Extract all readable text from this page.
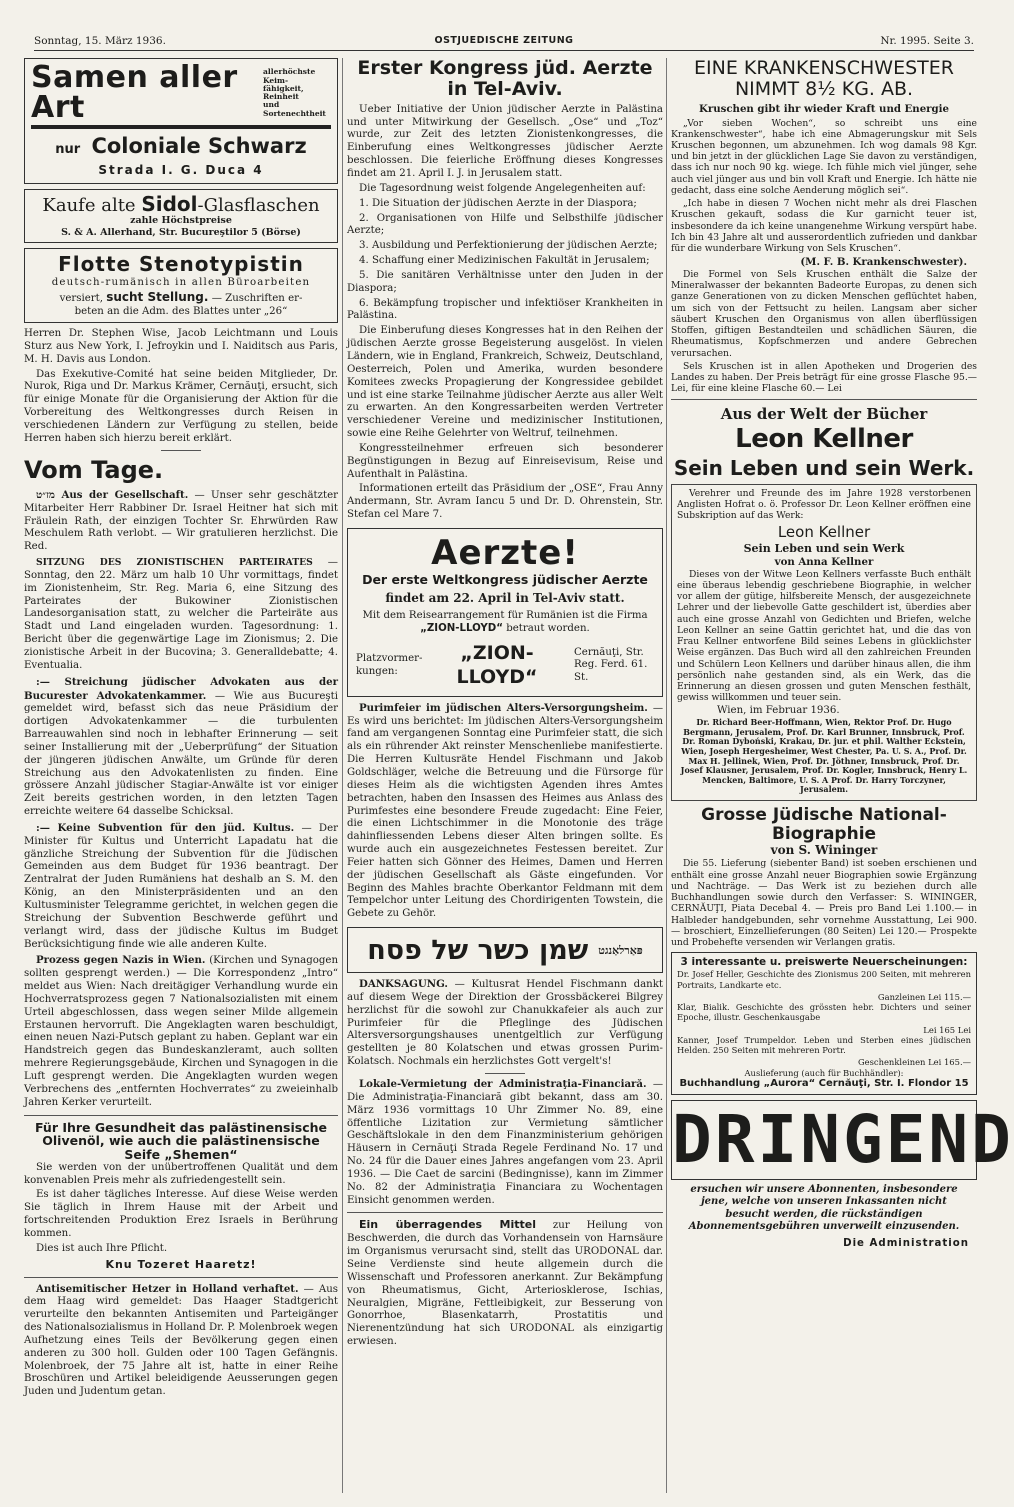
Sonntag, 15. März 1936.	OSTJUEDISCHE ZEITUNG	Nr. 1995. Seite 3.
Samen aller Art
allerhöchste Keim-
fähigkeit, Reinheit
und Sortenechtheit
nur Coloniale Schwarz
Strada I. G. Duca 4
Kaufe alte Sidol-Glasflaschen
zahle Höchstpreise
S. & A. Allerhand, Str. Bucureştilor 5 (Börse)
Flotte Stenotypistin
deutsch-rumänisch in allen Büroarbeiten
versiert, sucht Stellung. — Zuschriften er-
beten an die Adm. des Blattes unter „26“

Herren Dr. Stephen Wise, Jacob Leichtmann und Louis Sturz aus New York, I. Jefroykin und I. Naiditsch aus Paris, M. H. Davis aus London.

Das Exekutive-Comité hat seine beiden Mitglieder, Dr. Nurok, Riga und Dr. Markus Krämer, Cernăuţi, ersucht, sich für einige Monate für die Organisierung der Aktion für die Vorbereitung des Weltkongresses durch Reisen in verschiedenen Ländern zur Verfügung zu stellen, beide Herren haben sich hierzu bereit erklärt.

Vom Tage.

מז״ט Aus der Gesellschaft. — Unser sehr geschätzter Mitarbeiter Herr Rabbiner Dr. Israel Heitner hat sich mit Fräulein Rath, der einzigen Tochter Sr. Ehrwürden Raw Meschulem Rath verlobt. — Wir gratulieren herzlichst. Die Red.

SITZUNG DES ZIONISTISCHEN PARTEIRATES — Sonntag, den 22. März um halb 10 Uhr vormittags, findet im Zionistenheim, Str. Reg. Maria 6, eine Sitzung des Parteirates der Bukowiner Zionistischen Landesorganisation statt, zu welcher die Parteiräte aus Stadt und Land eingeladen wurden. Tagesordnung: 1. Bericht über die gegenwärtige Lage im Zionismus; 2. Die zionistische Arbeit in der Bucovina; 3. Generalldebatte; 4. Eventualia.

:— Streichung jüdischer Advokaten aus der Bucurester Advokatenkammer. — Wie aus Bucureşti gemeldet wird, befasst sich das neue Präsidium der dortigen Advokatenkammer — die turbulenten Barreauwahlen sind noch in lebhafter Erinnerung — seit seiner Installierung mit der „Ueberprüfung“ der Situation der jüngeren jüdischen Anwälte, um Gründe für deren Streichung aus den Advokatenlisten zu finden. Eine grössere Anzahl jüdischer Stagiar-Anwälte ist vor einiger Zeit bereits gestrichen worden, in den letzten Tagen erreichte weitere 64 dasselbe Schicksal.

:— Keine Subvention für den jüd. Kultus. — Der Minister für Kultus und Unterricht Lapadatu hat die gänzliche Streichung der Subvention für die Jüdischen Gemeinden aus dem Budget für 1936 beantragt. Der Zentralrat der Juden Rumäniens hat deshalb an S. M. den König, an den Ministerpräsidenten und an den Kultusminister Telegramme gerichtet, in welchen gegen die Streichung der Subvention Beschwerde geführt und verlangt wird, dass der jüdische Kultus im Budget Berücksichtigung finde wie alle anderen Kulte.

Prozess gegen Nazis in Wien. (Kirchen und Synagogen sollten gesprengt werden.) — Die Korrespondenz „Intro“ meldet aus Wien: Nach dreitägiger Verhandlung wurde ein Hochverratsprozess gegen 7 Nationalsozialisten mit einem Urteil abgeschlossen, dass wegen seiner Milde allgemein Erstaunen hervorruft. Die Angeklagten waren beschuldigt, einen neuen Nazi-Putsch geplant zu haben. Geplant war ein Handstreich gegen das Bundeskanzleramt, auch sollten mehrere Regierungsgebäude, Kirchen und Synagogen in die Luft gesprengt werden. Die Angeklagten wurden wegen Verbrechens des „entfernten Hochverrates“ zu zweieinhalb Jahren Kerker verurteilt.

Für Ihre Gesundheit das palästinensische Olivenöl, wie auch die palästinensische Seife „Shemen“

Sie werden von der unübertroffenen Qualität und dem konvenablen Preis mehr als zufriedengestellt sein.

Es ist daher tägliches Interesse. Auf diese Weise werden Sie täglich in Ihrem Hause mit der Arbeit und fortschreitenden Produktion Erez Israels in Berührung kommen.

Dies ist auch Ihre Pflicht.

Knu Tozeret Haaretz!

Antisemitischer Hetzer in Holland verhaftet. — Aus dem Haag wird gemeldet: Das Haager Stadtgericht verurteilte den bekannten Antisemiten und Parteigänger des Nationalsozialismus in Holland Dr. P. Molenbroek wegen Aufhetzung eines Teils der Bevölkerung gegen einen anderen zu 300 holl. Gulden oder 100 Tagen Gefängnis. Molenbroek, der 75 Jahre alt ist, hatte in einer Reihe Broschüren und Artikel beleidigende Aeusserungen gegen Juden und Judentum getan.

Erster Kongress jüd. Aerzte in Tel-Aviv.

Ueber Initiative der Union jüdischer Aerzte in Palästina und unter Mitwirkung der Gesellsch. „Ose“ und „Toz“ wurde, zur Zeit des letzten Zionistenkongresses, die Einberufung eines Weltkongresses jüdischer Aerzte beschlossen. Die feierliche Eröffnung dieses Kongresses findet am 21. April I. J. in Jerusalem statt.

Die Tagesordnung weist folgende Angelegenheiten auf:

1. Die Situation der jüdischen Aerzte in der Diaspora;

2. Organisationen von Hilfe und Selbsthilfe jüdischer Aerzte;

3. Ausbildung und Perfektionierung der jüdischen Aerzte;

4. Schaffung einer Medizinischen Fakultät in Jerusalem;

5. Die sanitären Verhältnisse unter den Juden in der Diaspora;

6. Bekämpfung tropischer und infektiöser Krankheiten in Palästina.

Die Einberufung dieses Kongresses hat in den Reihen der jüdischen Aerzte grosse Begeisterung ausgelöst. In vielen Ländern, wie in England, Frankreich, Schweiz, Deutschland, Oesterreich, Polen und Amerika, wurden besondere Komitees zwecks Propagierung der Kongressidee gebildet und ist eine starke Teilnahme jüdischer Aerzte aus aller Welt zu erwarten. An den Kongressarbeiten werden Vertreter verschiedener Vereine und medizinischer Institutionen, sowie eine Reihe Gelehrter von Weltruf, teilnehmen.

Kongressteilnehmer erfreuen sich besonderer Begünstigungen in Bezug auf Einreisevisum, Reise und Aufenthalt in Palästina.

Informationen erteilt das Präsidium der „OSE“, Frau Anny Andermann, Str. Avram Iancu 5 und Dr. D. Ohrenstein, Str. Stefan cel Mare 7.

Aerzte!
Der erste Weltkongress jüdischer Aerzte
findet am 22. April in Tel-Aviv statt.
Mit dem Reisearrangement für Rumänien ist die Firma „ZION-LLOYD“ betraut worden.
Platzvormer-kungen:
„ZION-LLOYD“
Cernăuţi, Str. Reg. Ferd. 61. St.

Purimfeier im jüdischen Alters-Versorgungsheim. — Es wird uns berichtet: Im jüdischen Alters-Versorgungsheim fand am vergangenen Sonntag eine Purimfeier statt, die sich als ein rührender Akt reinster Menschenliebe manifestierte. Die Herren Kultusräte Hendel Fischmann und Jakob Goldschläger, welche die Betreuung und die Fürsorge für dieses Heim als die wichtigsten Agenden ihres Amtes betrachten, haben den Insassen des Heimes aus Anlass des Purimfestes eine besondere Freude zugedacht: Eine Feier, die einen Lichtschimmer in die Monotonie des träge dahinfliessenden Lebens dieser Alten bringen sollte. Es wurde auch ein ausgezeichnetes Festessen bereitet. Zur Feier hatten sich Gönner des Heimes, Damen und Herren der jüdischen Gesellschaft als Gäste eingefunden. Vor Beginn des Mahles brachte Oberkantor Feldmann mit dem Tempelchor unter Leitung des Chordirigenten Towstein, die Gebete zu Gehör.

שמן כשר של פסח פּאַרלאַנגט

DANKSAGUNG. — Kultusrat Hendel Fischmann dankt auf diesem Wege der Direktion der Grossbäckerei Bilgrey herzlichst für die sowohl zur Chanukkafeier als auch zur Purimfeier für die Pfleglinge des Jüdischen Altersversorgungshauses unentgeltlich zur Verfügung gestellten je 80 Kolatschen und etwas grossen Purim-Kolatsch. Nochmals ein herzlichstes Gott vergelt's!

Lokale-Vermietung der Administraţia-Financiară. — Die Administraţia-Financiară gibt bekannt, dass am 30. März 1936 vormittags 10 Uhr Zimmer No. 89, eine öffentliche Lizitation zur Vermietung sämtlicher Geschäftslokale in den dem Finanzministerium gehörigen Häusern in Cernăuţi Strada Regele Ferdinand No. 17 und No. 24 für die Dauer eines Jahres angefangen vom 23. April 1936. — Die Caet de sarcini (Bedingnisse), kann im Zimmer No. 82 der Administraţia Financiara zu Wochentagen Einsicht genommen werden.

Ein überragendes Mittel zur Heilung von Beschwerden, die durch das Vorhandensein von Harnsäure im Organismus verursacht sind, stellt das URODONAL dar. Seine Verdienste sind heute allgemein durch die Wissenschaft und Professoren anerkannt. Zur Bekämpfung von Rheumatismus, Gicht, Arteriosklerose, Ischias, Neuralgien, Migräne, Fettleibigkeit, zur Besserung von Gonorrhoe, Blasenkatarrh, Prostatitis und Nierenentzündung hat sich URODONAL als einzigartig erwiesen.

EINE KRANKENSCHWESTER
NIMMT 8½ KG. AB.
Kruschen gibt ihr wieder Kraft und Energie

„Vor sieben Wochen“, so schreibt uns eine Krankenschwester“, habe ich eine Abmagerungskur mit Sels Kruschen begonnen, um abzunehmen. Ich wog damals 98 Kgr. und bin jetzt in der glücklichen Lage Sie davon zu verständigen, dass ich nur noch 90 kg. wiege. Ich fühle mich viel jünger, sehe auch viel jünger aus und bin voll Kraft und Energie. Ich hätte nie gedacht, dass eine solche Aenderung möglich sei“.

„Ich habe in diesen 7 Wochen nicht mehr als drei Flaschen Kruschen gekauft, sodass die Kur garnicht teuer ist, insbesondere da ich keine unangenehme Wirkung verspürt habe. Ich bin 43 Jahre alt und ausserordentlich zufrieden und dankbar für die wunderbare Wirkung von Sels Kruschen“.

(M. F. B. Krankenschwester).

Die Formel von Sels Kruschen enthält die Salze der Mineralwasser der bekannten Badeorte Europas, zu denen sich ganze Generationen von zu dicken Menschen geflüchtet haben, um sich von der Fettsucht zu heilen. Langsam aber sicher säubert Kruschen den Organismus von allen überflüssigen Stoffen, giftigen Bestandteilen und schädlichen Säuren, die Rheumatismus, Kopfschmerzen und andere Gebrechen verursachen.

Sels Kruschen ist in allen Apotheken und Drogerien des Landes zu haben. Der Preis beträgt für eine grosse Flasche 95.— Lei, für eine kleine Flasche 60.— Lei

Aus der Welt der Bücher
Leon Kellner
Sein Leben und sein Werk.

Verehrer und Freunde des im Jahre 1928 verstorbenen Anglisten Hofrat o. ö. Professor Dr. Leon Kellner eröffnen eine Subskription auf das Werk:

Leon Kellner
Sein Leben und sein Werk
von Anna Kellner

Dieses von der Witwe Leon Kellners verfasste Buch enthält eine überaus lebendig geschriebene Biographie, in welcher vor allem der gütige, hilfsbereite Mensch, der ausgezeichnete Lehrer und der liebevolle Gatte geschildert ist, überdies aber auch eine grosse Anzahl von Gedichten und Briefen, welche Leon Kellner an seine Gattin gerichtet hat, und die das von Frau Kellner entworfene Bild seines Lebens in glücklichster Weise ergänzen. Das Buch wird all den zahlreichen Freunden und Schülern Leon Kellners und darüber hinaus allen, die ihm persönlich nahe gestanden sind, als ein Werk, das die Erinnerung an diesen grossen und guten Menschen festhält, gewiss willkommen und teuer sein.

Wien, im Februar 1936.

Dr. Richard Beer-Hoffmann, Wien, Rektor Prof. Dr. Hugo Bergmann, Jerusalem, Prof. Dr. Karl Brunner, Innsbruck, Prof. Dr. Roman Dyboński, Krakau, Dr. jur. et phil. Walther Eckstein, Wien, Joseph Hergesheimer, West Chester, Pa. U. S. A., Prof. Dr. Max H. Jellinek, Wien, Prof. Dr. Jöthner, Innsbruck, Prof. Dr. Josef Klausner, Jerusalem, Prof. Dr. Kogler, Innsbruck, Henry L. Mencken, Baltimore, U. S. A Prof. Dr. Harry Torczyner, Jerusalem.

Grosse Jüdische National-Biographie
von S. Wininger

Die 55. Lieferung (siebenter Band) ist soeben erschienen und enthält eine grosse Anzahl neuer Biographien sowie Ergänzung und Nachträge. — Das Werk ist zu beziehen durch alle Buchhandlungen sowie durch den Verfasser: S. WININGER, CERNĂUŢI, Piata Decebal 4. — Preis pro Band Lei 1.100.— in Halbleder handgebunden, sehr vornehme Ausstattung, Lei 900.— broschiert, Einzellieferungen (80 Seiten) Lei 120.— Prospekte und Probehefte versenden wir Verlangen gratis.

3 interessante u. preiswerte Neuerscheinungen:

Dr. Josef Heller, Geschichte des Zionismus 200 Seiten, mit mehreren Portraits, Landkarte etc.

Ganzleinen Lei 115.—

Klar, Bialik. Geschichte des grössten hebr. Dichters und seiner Epoche, illustr. Geschenkausgabe

Lei 165 Lei

Kanner, Josef Trumpeldor. Leben und Sterben eines jüdischen Helden. 250 Seiten mit mehreren Portr.

Geschenkleinen Lei 165.—
Auslieferung (auch für Buchhändler):
Buchhandlung „Aurora“ Cernăuţi, Str. I. Flondor 15
DRINGEND

ersuchen wir unsere Abonnenten, insbesondere jene, welche von unseren Inkassanten nicht besucht werden, die rückständigen Abonnementsgebühren unverweilt einzusenden.

Die Administration
